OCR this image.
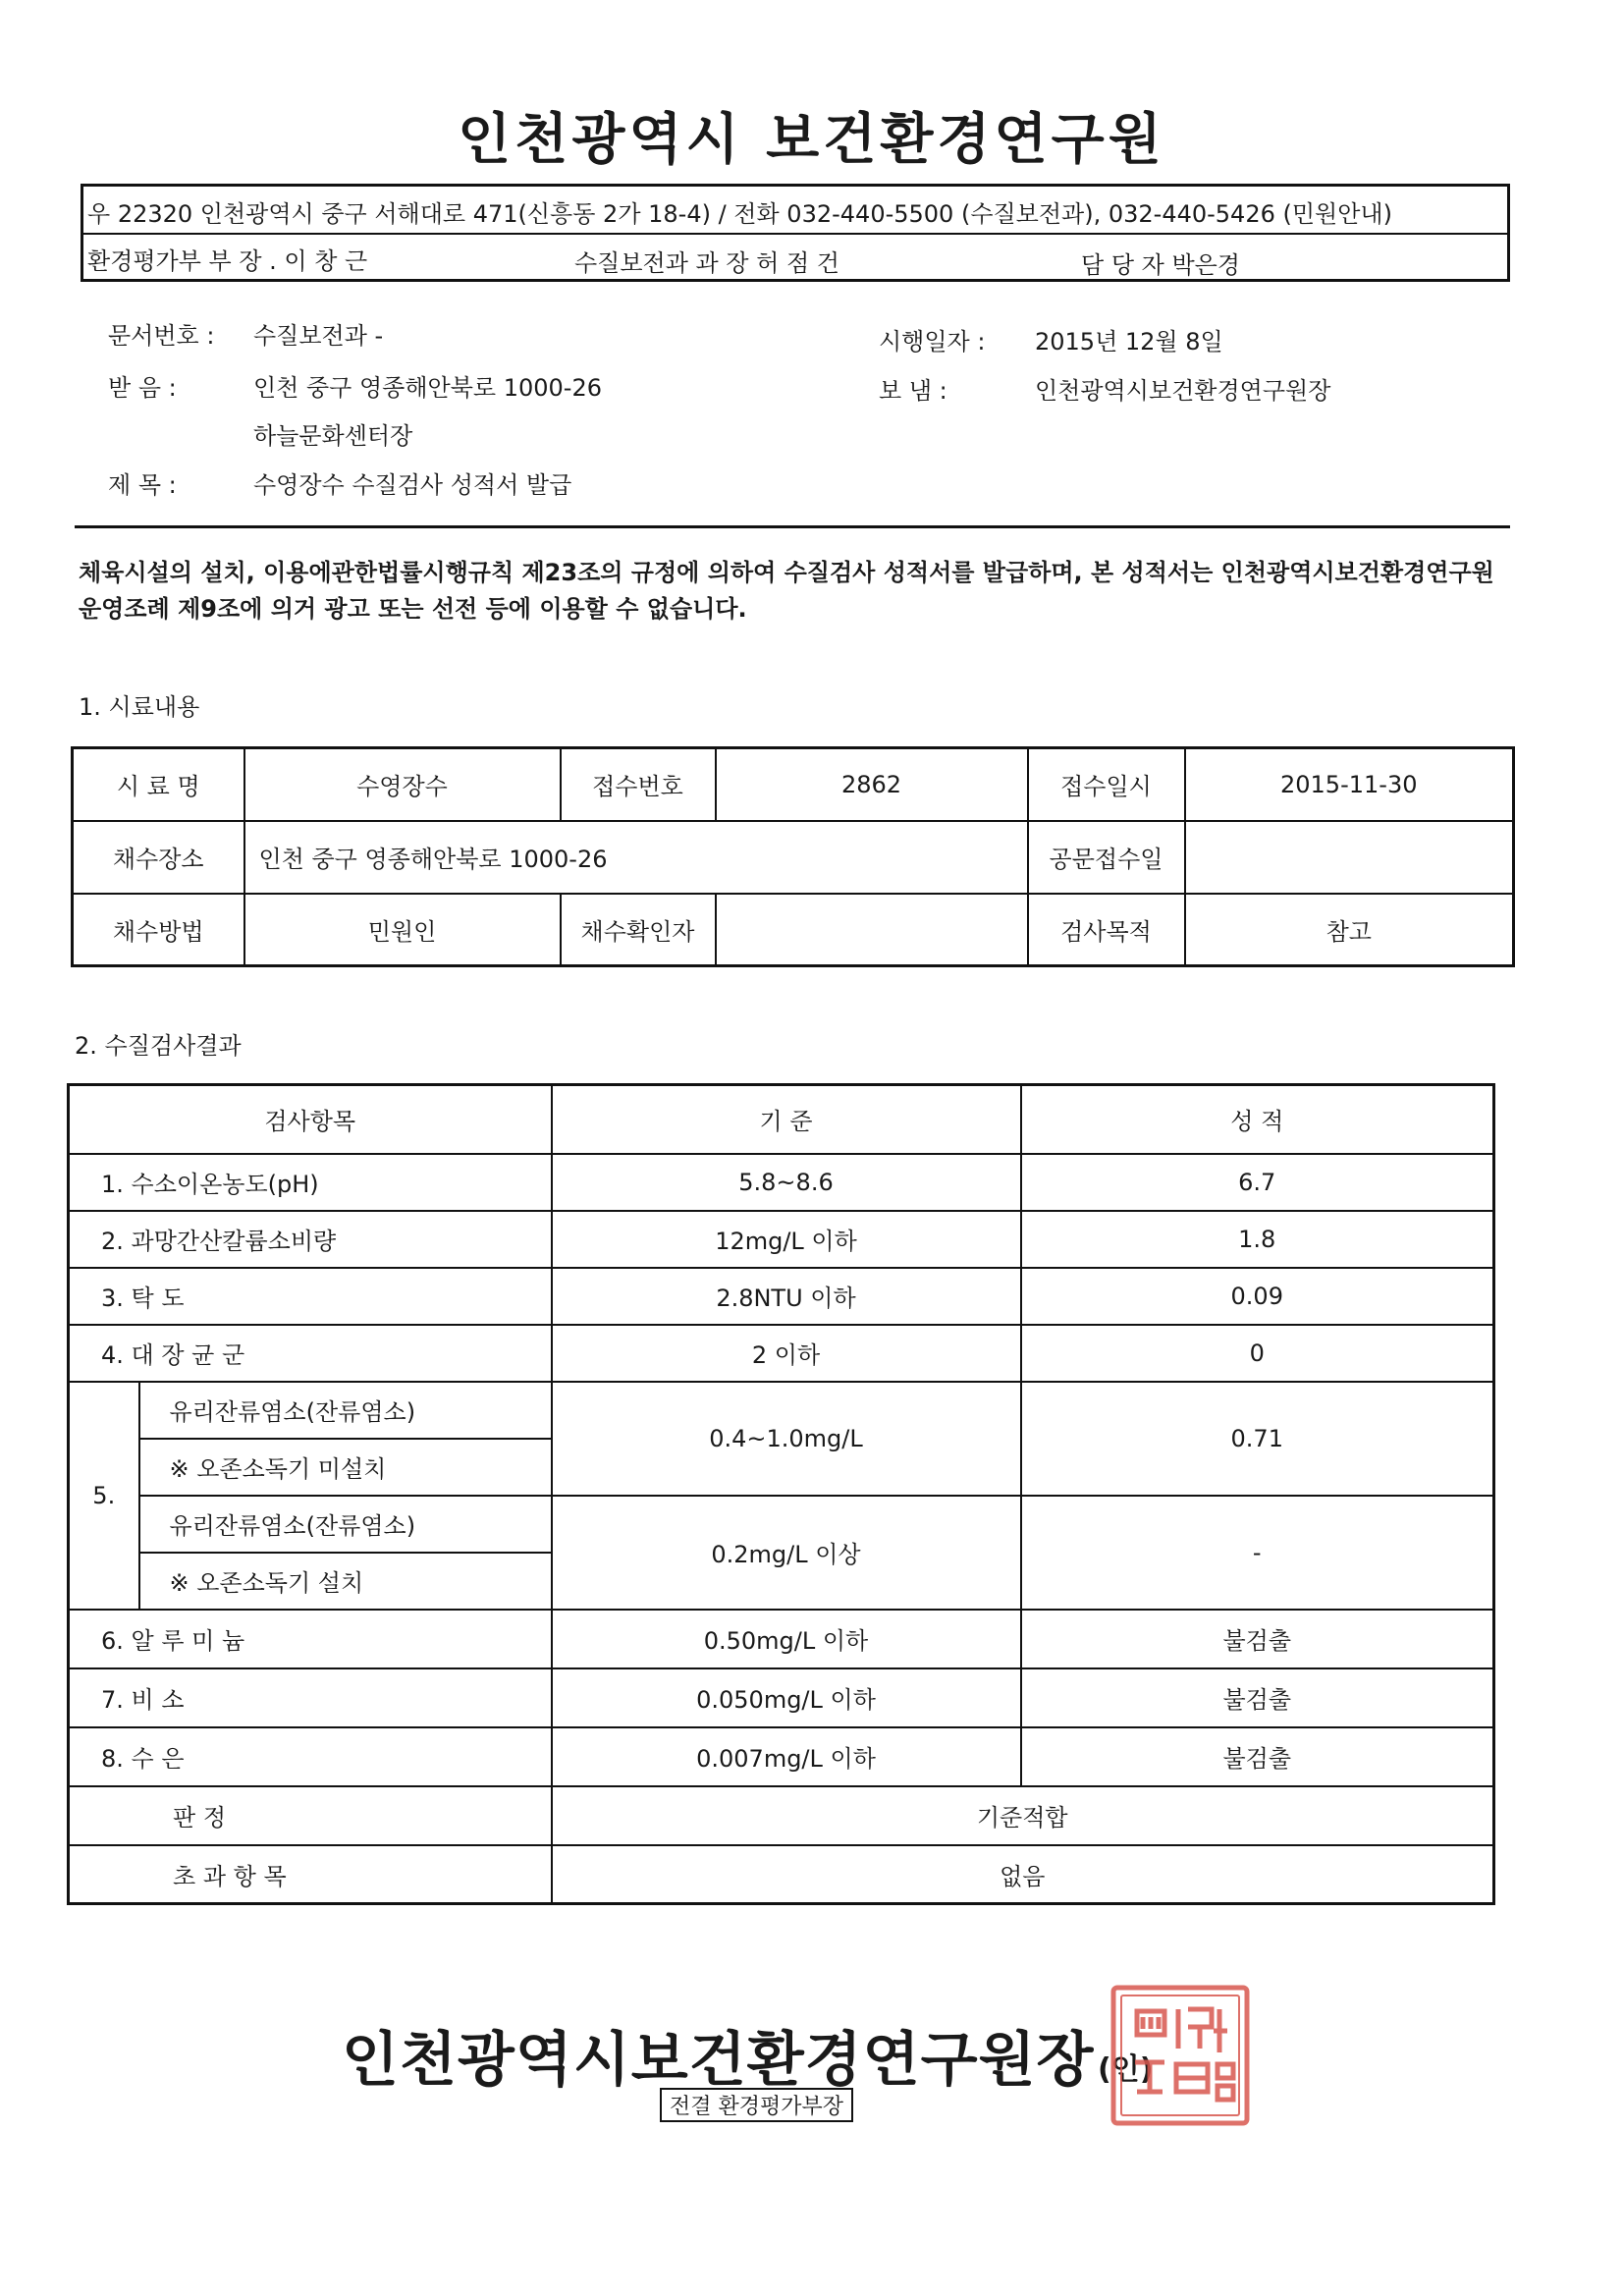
인천광역시 보건환경연구원
우 22320 인천광역시 중구 서해대로 471(신흥동 2가 18-4) / 전화 032-440-5500 (수질보전과), 032-440-5426 (민원안내)
환경평가부 부 장 . 이 창 근	수질보전과 과 장 허 점 건	담 당 자 박은경
문서번호 : 수질보전과 -
받 음 :	인천 중구 영종해안북로 1000-26
하늘문화센터장
제 목 :	수영장수 수질검사 성적서 발급
시행일자 : 2015년 12월 8일
보 냄 :	인천광역시보건환경연구원장
체육시설의 설치, 이용에관한법률시행규칙 제23조의 규정에 의하여 수질검사 성적서를 발급하며, 본 성적서는 인천광역시보건환경연구원운영조례 제9조에 의거 광고 또는 선전 등에 이용할 수 없습니다.
1. 시료내용
시 료 명	수영장수	접수번호	2862	접수일시	2015-11-30
채수장소	인천 중구 영종해안북로 1000-26			공문접수일	
채수방법	민원인	채수확인자		검사목적	참고
2. 수질검사결과
검사항목		기 준	성 적
1. 수소이온농도(pH)		5.8~8.6	6.7
2. 과망간산칼륨소비량		12mg/L 이하	1.8
3. 탁 도		2.8NTU 이하	0.09
4. 대 장 균 군		2 이하	0
5.	유리잔류염소(잔류염소)	0.4~1.0mg/L	0.71
	※ 오존소독기 미설치		
	유리잔류염소(잔류염소)	0.2mg/L 이상	-
	※ 오존소독기 설치		
6. 알 루 미 늄		0.50mg/L 이하	불검출
7. 비 소		0.050mg/L 이하	불검출
8. 수 은		0.007mg/L 이하	불검출
판 정		기준적합	
초 과 항 목		없음	
인천광역시보건환경연구원장 (인)
전결 환경평가부장
